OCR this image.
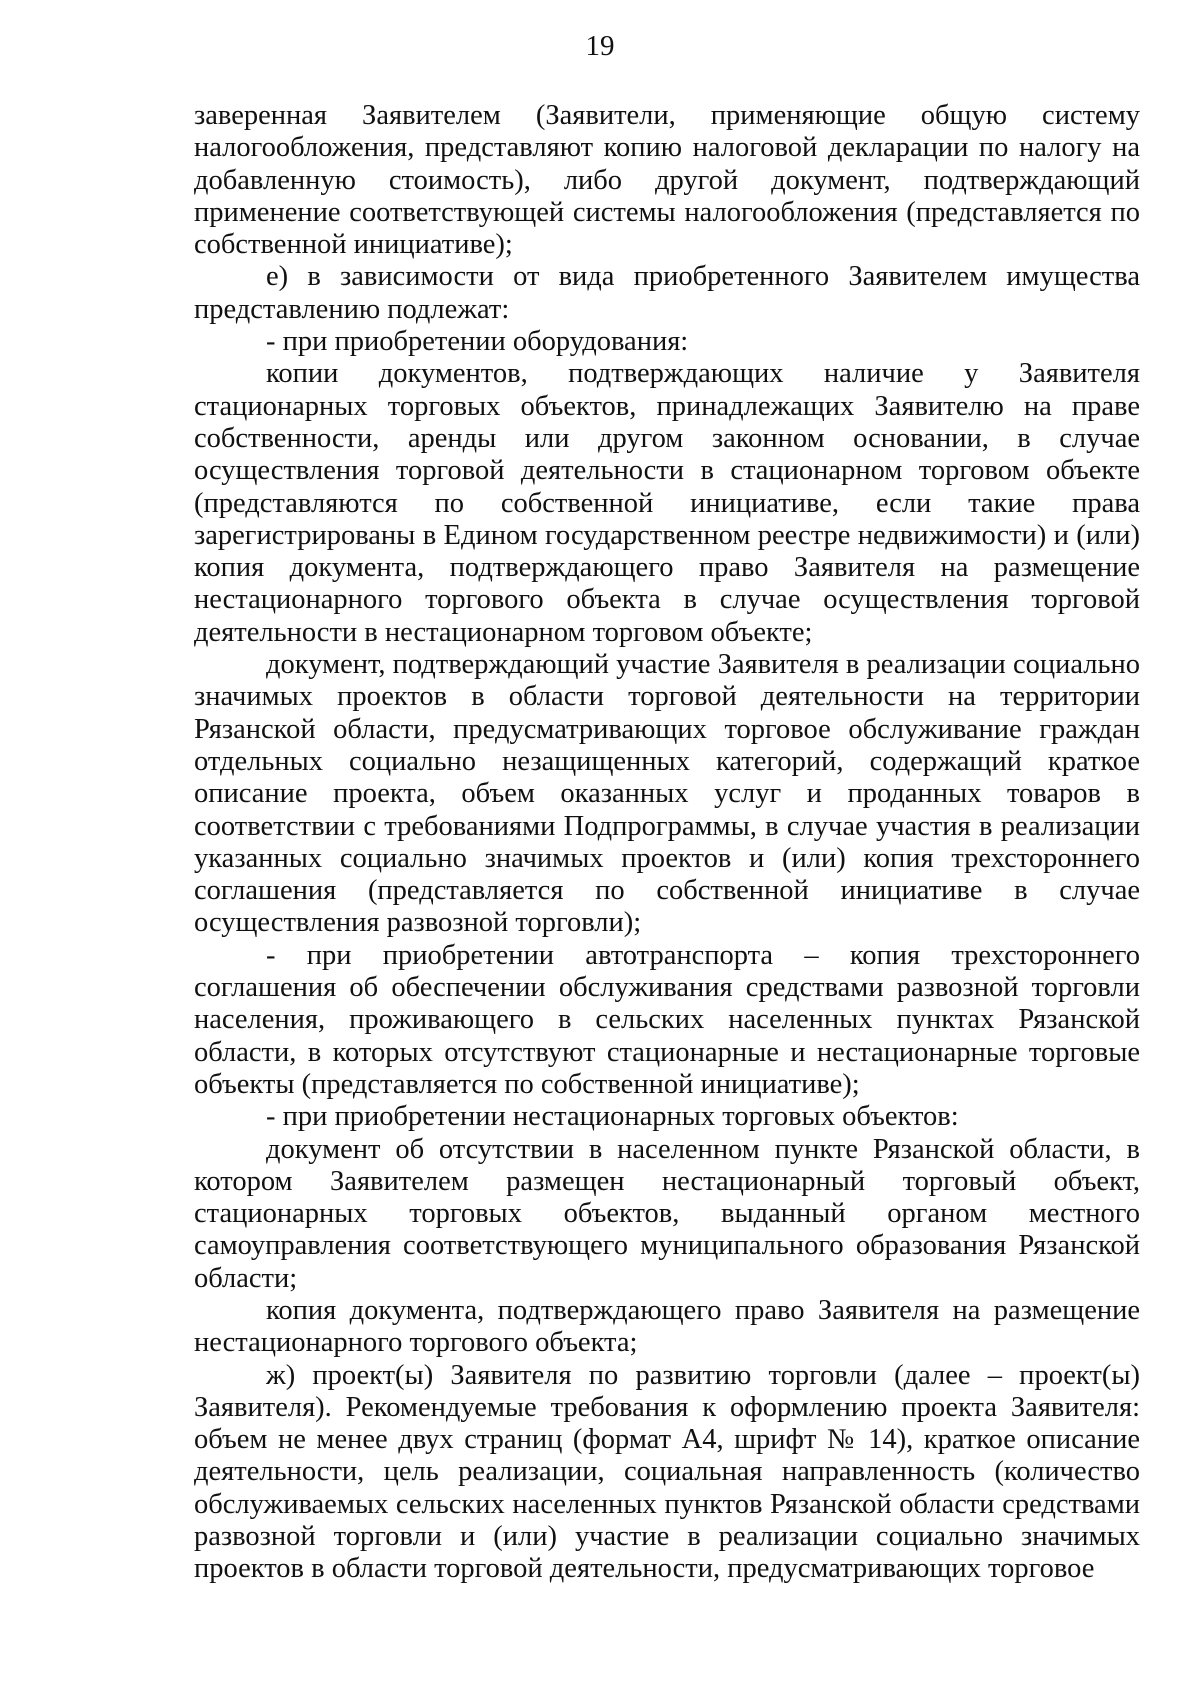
19

заверенная Заявителем (Заявители, применяющие общую систему налогообложения, представляют копию налоговой декларации по налогу на добавленную стоимость), либо другой документ, подтверждающий применение соответствующей системы налогообложения (представляется по собственной инициативе);

е) в зависимости от вида приобретенного Заявителем имущества представлению подлежат:

- при приобретении оборудования:

копии документов, подтверждающих наличие у Заявителя стационарных торговых объектов, принадлежащих Заявителю на праве собственности, аренды или другом законном основании, в случае осуществления торговой деятельности в стационарном торговом объекте (представляются по собственной инициативе, если такие права зарегистрированы в Едином государственном реестре недвижимости) и (или) копия документа, подтверждающего право Заявителя на размещение нестационарного торгового объекта в случае осуществления торговой деятельности в нестационарном торговом объекте;

документ, подтверждающий участие Заявителя в реализации социально значимых проектов в области торговой деятельности на территории Рязанской области, предусматривающих торговое обслуживание граждан отдельных социально незащищенных категорий, содержащий краткое описание проекта, объем оказанных услуг и проданных товаров в соответствии с требованиями Подпрограммы, в случае участия в реализации указанных социально значимых проектов и (или) копия трехстороннего соглашения (представляется по собственной инициативе в случае осуществления развозной торговли);

- при приобретении автотранспорта – копия трехстороннего соглашения об обеспечении обслуживания средствами развозной торговли населения, проживающего в сельских населенных пунктах Рязанской области, в которых отсутствуют стационарные и нестационарные торговые объекты (представляется по собственной инициативе);

- при приобретении нестационарных торговых объектов:

документ об отсутствии в населенном пункте Рязанской области, в котором Заявителем размещен нестационарный торговый объект, стационарных торговых объектов, выданный органом местного самоуправления соответствующего муниципального образования Рязанской области;

копия документа, подтверждающего право Заявителя на размещение нестационарного торгового объекта;

ж) проект(ы) Заявителя по развитию торговли (далее – проект(ы) Заявителя). Рекомендуемые требования к оформлению проекта Заявителя: объем не менее двух страниц (формат А4, шрифт № 14), краткое описание деятельности, цель реализации, социальная направленность (количество обслуживаемых сельских населенных пунктов Рязанской области средствами развозной торговли и (или) участие в реализации социально значимых проектов в области торговой деятельности, предусматривающих торговое
